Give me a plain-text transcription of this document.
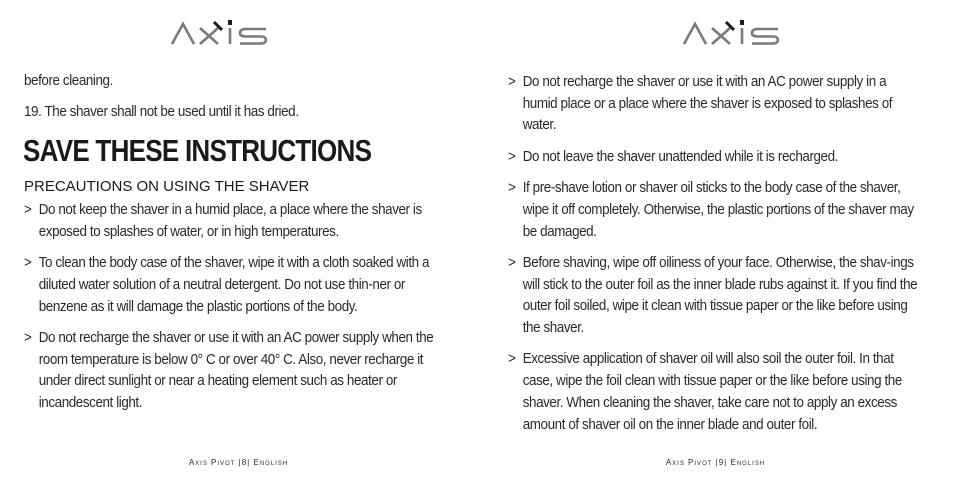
before cleaning.

19. The shaver shall not be used until it has dried.

SAVE THESE INSTRUCTIONS
PRECAUTIONS ON USING THE SHAVER
> Do not keep the shaver in a humid place, a place where the shaver is exposed to splashes of water, or in high temperatures.
> To clean the body case of the shaver, wipe it with a cloth soaked with a diluted water solution of a neutral detergent. Do not use thin-ner or benzene as it will damage the plastic portions of the body.
> Do not recharge the shaver or use it with an AC power supply when the room temperature is below 0° C or over 40° C. Also, never recharge it under direct sunlight or near a heating element such as heater or incandescent light.
Axis Pivot |8| English
> Do not recharge the shaver or use it with an AC power supply in a humid place or a place where the shaver is exposed to splashes of water.
> Do not leave the shaver unattended while it is recharged.
> If pre-shave lotion or shaver oil sticks to the body case of the shaver, wipe it off completely. Otherwise, the plastic portions of the shaver may be damaged.
> Before shaving, wipe off oiliness of your face. Otherwise, the shav-ings will stick to the outer foil as the inner blade rubs against it. If you find the outer foil soiled, wipe it clean with tissue paper or the like before using the shaver.
> Excessive application of shaver oil will also soil the outer foil. In that case, wipe the foil clean with tissue paper or the like before using the shaver. When cleaning the shaver, take care not to apply an excess amount of shaver oil on the inner blade and outer foil.
Axis Pivot |9| English
